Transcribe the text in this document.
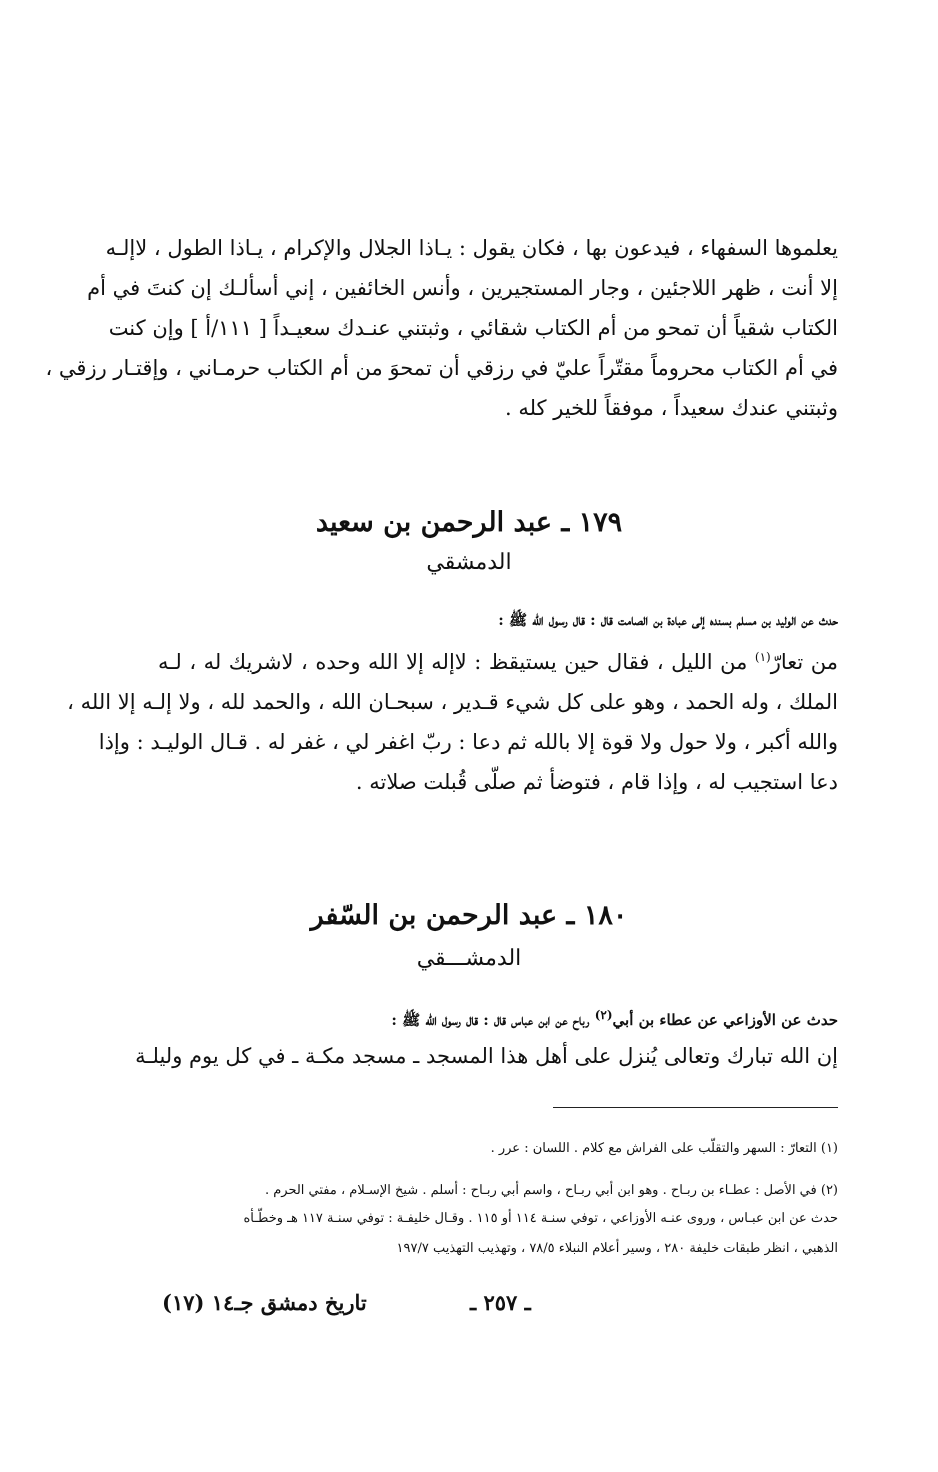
يعلموها السفهاء ، فيدعون بها ، فكان يقول : يـاذا الجلال والإكرام ، يـاذا الطول ، لاإلـه
إلا أنت ، ظهر اللاجئين ، وجار المستجيرين ، وأنس الخائفين ، إني أسألـك إن كنتَ في أم
الكتاب شقياً أن تمحو من أم الكتاب شقائي ، وثبتني عنـدك سعيـداً [ ١١١/أ ] وإن كنت
في أم الكتاب محروماً مقتّراً عليّ في رزقي أن تمحوَ من أم الكتاب حرمـاني ، وإقتـار رزقي ،
وثبتني عندك سعيداً ، موفقاً للخير كله .
١٧٩ ـ عبد الرحمن بن سعيد
الدمشقي
حدث عن الوليد بن مسلم بسنده إلى عبادة بن الصامت قال : قال رسول الله ﷺ :
من تعارّ$^{(١)}$ من الليل ، فقال حين يستيقظ : لاإله إلا الله وحده ، لاشريك له ، لـه
الملك ، وله الحمد ، وهو على كل شيء قـدير ، سبحـان الله ، والحمد لله ، ولا إلـه إلا الله ،
والله أكبر ، ولا حول ولا قوة إلا بالله ثم دعا : ربّ اغفر لي ، غفر له . قـال الوليـد : وإذا
دعا استجيب له ، وإذا قام ، فتوضأ ثم صلّى قُبلت صلاته .
١٨٠ ـ عبد الرحمن بن السّفر
الدمشـــقي
حدث عن الأوزاعي عن عطاء بن أبي$^{(٢)}$ رباح عن ابن عباس قال : قال رسول الله ﷺ :
إن الله تبارك وتعالى يُنزل على أهل هذا المسجد ـ مسجد مكـة ـ في كل يوم وليلـة
(١) التعارّ : السهر والتقلّب على الفراش مع كلام . اللسان : عرر .
(٢) في الأصل : عطـاء بن ربـاح . وهو ابن أبي ربـاح ، واسم أبي ربـاح : أسلم . شيخ الإسـلام ، مفتي الحرم .
حدث عن ابن عبـاس ، وروى عنـه الأوزاعي ، توفي سنـة ١١٤ أو ١١٥ . وقـال خليفـة : توفي سنـة ١١٧ هـ وخطّـأه
الذهبي ، انظر طبقات خليفة ٢٨٠ ، وسير أعلام النبلاء ٧٨/٥ ، وتهذيب التهذيب ١٩٧/٧
ـ ٢٥٧ ـ
تاريخ دمشق جـ١٤ (١٧)
